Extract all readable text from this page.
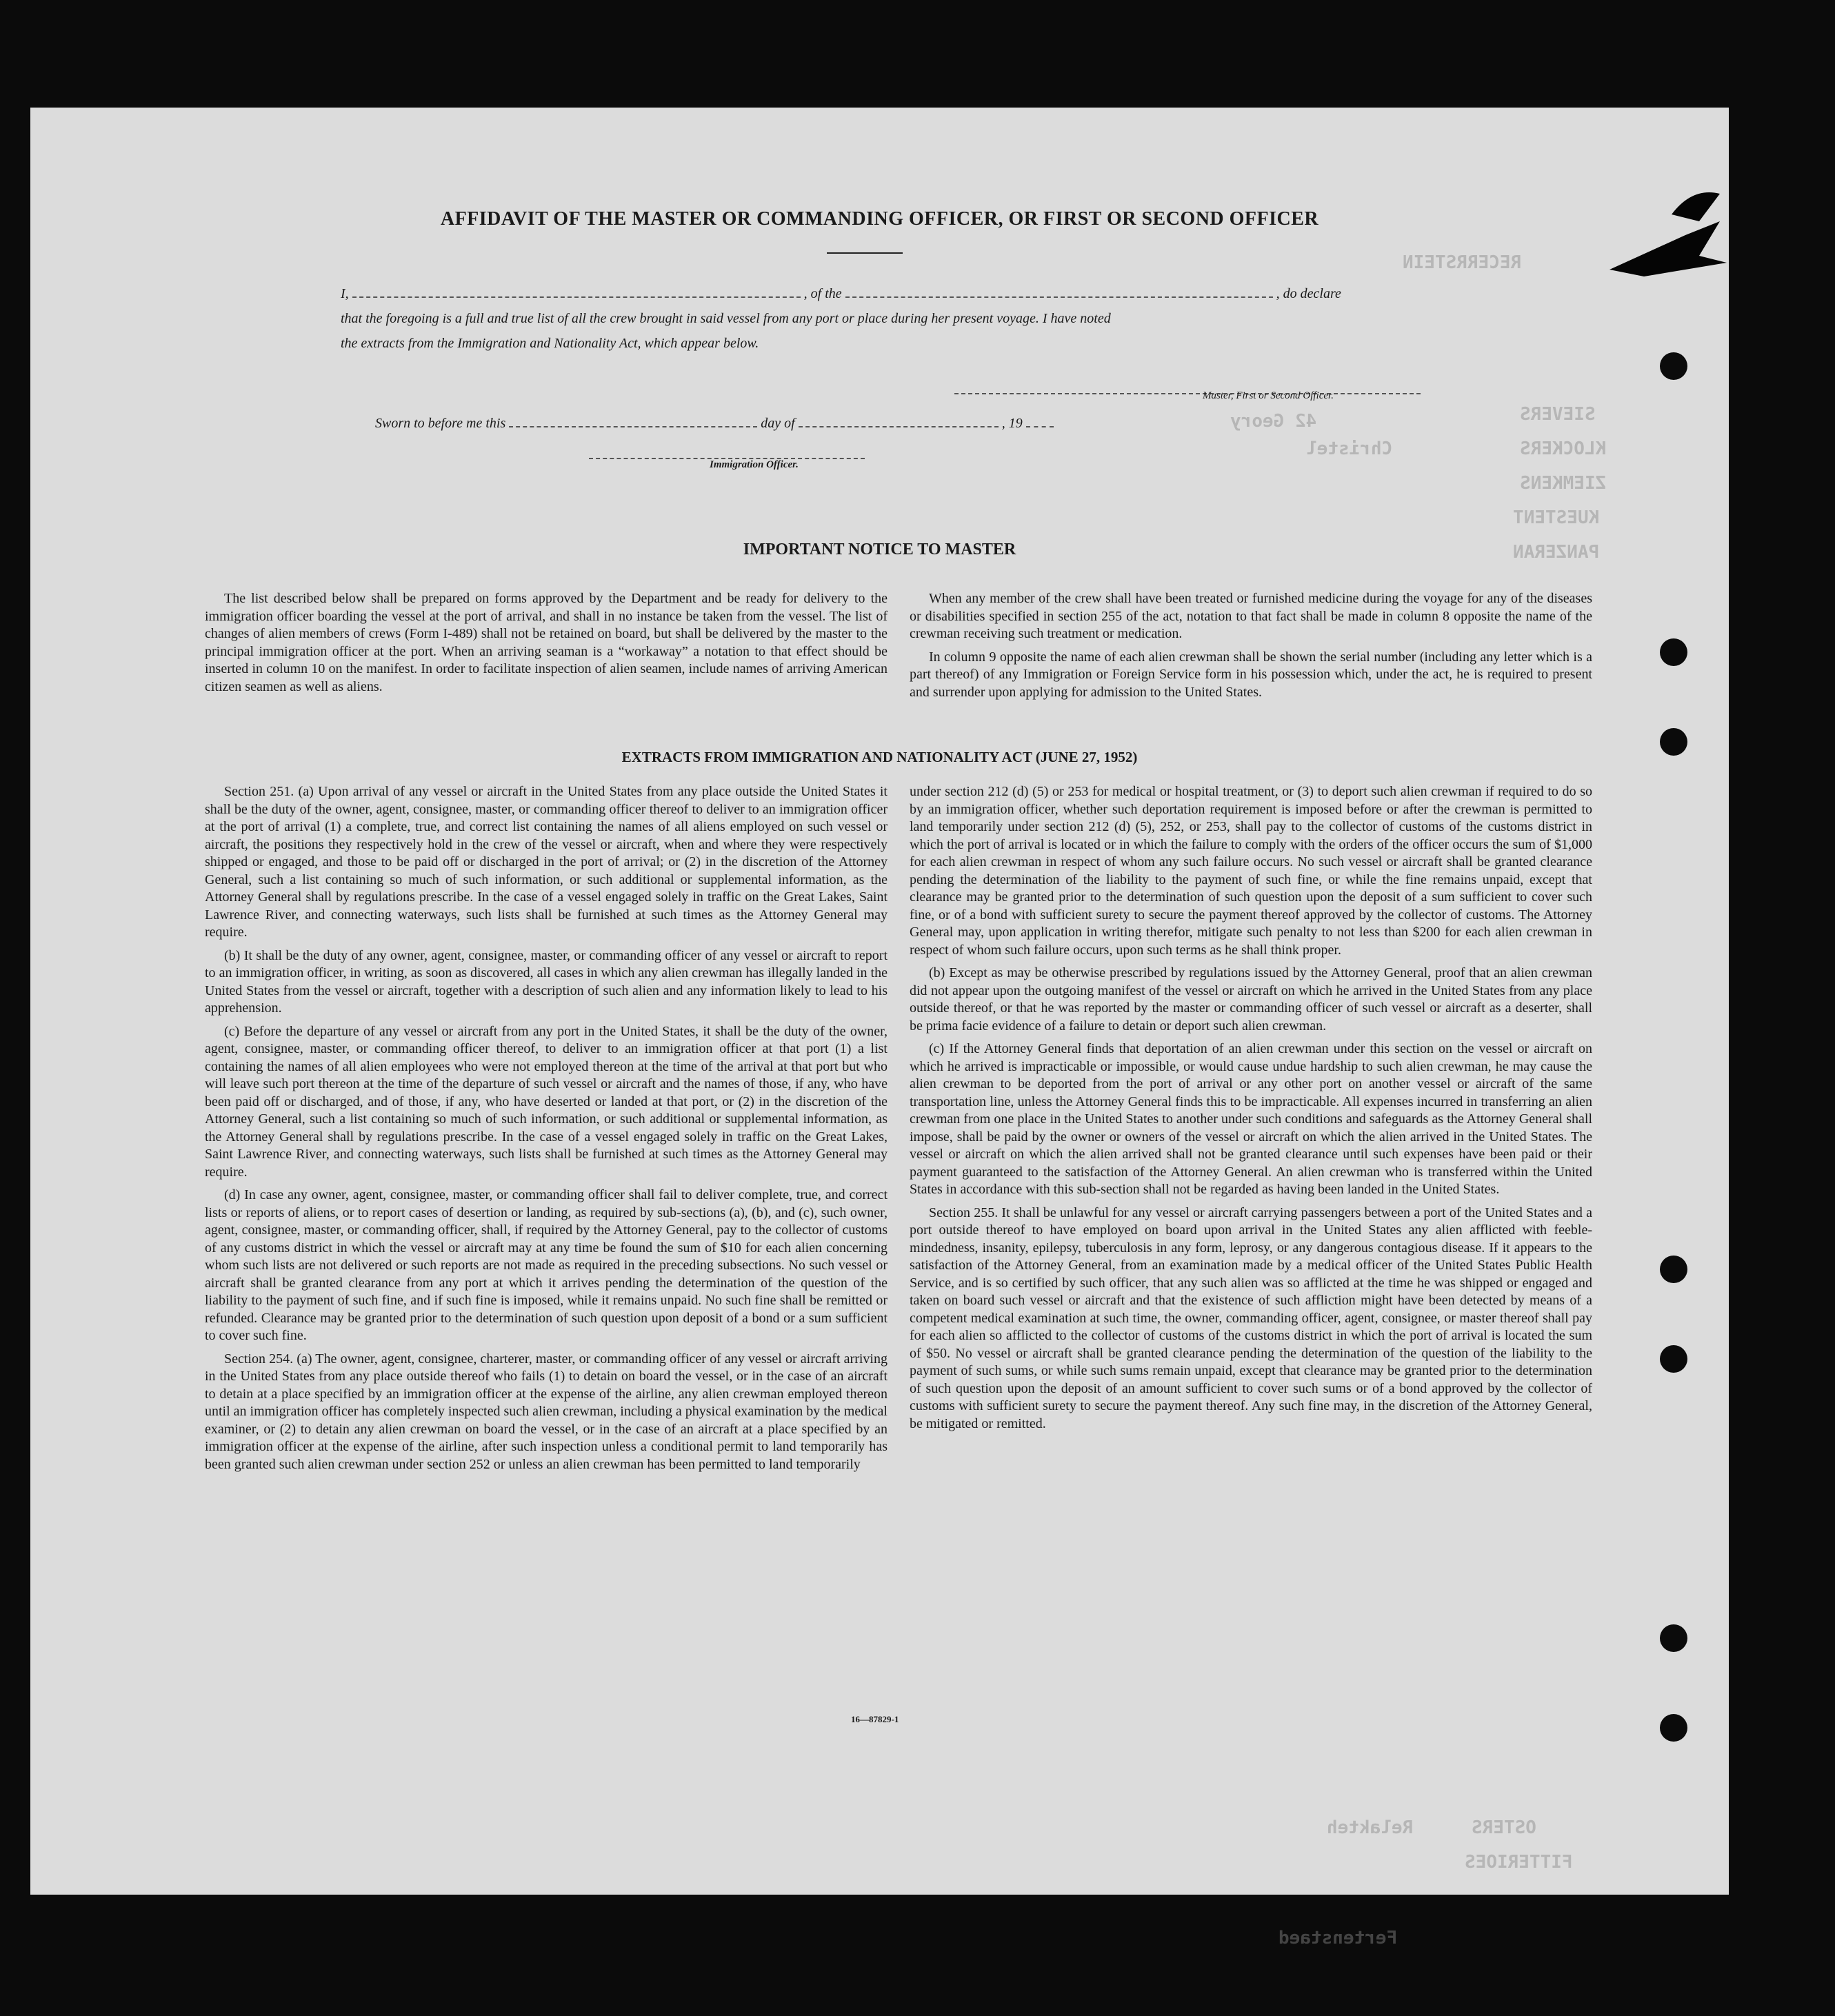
RECERRSTEIN
42 Geory
Christel
SIEVERS
KLOCKERS
ZIEMKENS
KUESTENT
PANZERAN
Relakteh	OSTERS
FITTERIOES
Fertenstaed
AFFIDAVIT OF THE MASTER OR COMMANDING OFFICER, OR FIRST OR SECOND OFFICER
I,	, of the	, do declare
that the foregoing is a full and true list of all the crew brought in said vessel from any port or place during her present voyage. I have noted
the extracts from the Immigration and Nationality Act, which appear below.
Master, First or Second Officer.
Sworn to before me this	day of	, 19
Immigration Officer.
IMPORTANT NOTICE TO MASTER

The list described below shall be prepared on forms approved by the Department and be ready for delivery to the immigration officer boarding the vessel at the port of arrival, and shall in no instance be taken from the vessel. The list of changes of alien members of crews (Form I-489) shall not be retained on board, but shall be delivered by the master to the principal immigration officer at the port. When an arriving seaman is a “workaway” a notation to that effect should be inserted in column 10 on the manifest. In order to facilitate inspection of alien seamen, include names of arriving American citizen seamen as well as aliens.

When any member of the crew shall have been treated or furnished medicine during the voyage for any of the diseases or disabilities specified in section 255 of the act, notation to that fact shall be made in column 8 opposite the name of the crewman receiving such treatment or medication.

In column 9 opposite the name of each alien crewman shall be shown the serial number (including any letter which is a part thereof) of any Immigration or Foreign Service form in his possession which, under the act, he is required to present and surrender upon applying for admission to the United States.

EXTRACTS FROM IMMIGRATION AND NATIONALITY ACT (JUNE 27, 1952)

Section 251. (a) Upon arrival of any vessel or aircraft in the United States from any place outside the United States it shall be the duty of the owner, agent, consignee, master, or commanding officer thereof to deliver to an immigration officer at the port of arrival (1) a complete, true, and correct list containing the names of all aliens employed on such vessel or aircraft, the positions they respectively hold in the crew of the vessel or aircraft, when and where they were respectively shipped or engaged, and those to be paid off or discharged in the port of arrival; or (2) in the discretion of the Attorney General, such a list containing so much of such information, or such additional or supplemental information, as the Attorney General shall by regulations prescribe. In the case of a vessel engaged solely in traffic on the Great Lakes, Saint Lawrence River, and connecting waterways, such lists shall be furnished at such times as the Attorney General may require.

(b) It shall be the duty of any owner, agent, consignee, master, or commanding officer of any vessel or aircraft to report to an immigration officer, in writing, as soon as discovered, all cases in which any alien crewman has illegally landed in the United States from the vessel or aircraft, together with a description of such alien and any information likely to lead to his apprehension.

(c) Before the departure of any vessel or aircraft from any port in the United States, it shall be the duty of the owner, agent, consignee, master, or commanding officer thereof, to deliver to an immigration officer at that port (1) a list containing the names of all alien employees who were not employed thereon at the time of the arrival at that port but who will leave such port thereon at the time of the departure of such vessel or aircraft and the names of those, if any, who have been paid off or discharged, and of those, if any, who have deserted or landed at that port, or (2) in the discretion of the Attorney General, such a list containing so much of such information, or such additional or supplemental information, as the Attorney General shall by regulations prescribe. In the case of a vessel engaged solely in traffic on the Great Lakes, Saint Lawrence River, and connecting waterways, such lists shall be furnished at such times as the Attorney General may require.

(d) In case any owner, agent, consignee, master, or commanding officer shall fail to deliver complete, true, and correct lists or reports of aliens, or to report cases of desertion or landing, as required by sub-sections (a), (b), and (c), such owner, agent, consignee, master, or commanding officer, shall, if required by the Attorney General, pay to the collector of customs of any customs district in which the vessel or aircraft may at any time be found the sum of $10 for each alien concerning whom such lists are not delivered or such reports are not made as required in the preceding subsections. No such vessel or aircraft shall be granted clearance from any port at which it arrives pending the determination of the question of the liability to the payment of such fine, and if such fine is imposed, while it remains unpaid. No such fine shall be remitted or refunded. Clearance may be granted prior to the determination of such question upon deposit of a bond or a sum sufficient to cover such fine.

Section 254. (a) The owner, agent, consignee, charterer, master, or commanding officer of any vessel or aircraft arriving in the United States from any place outside thereof who fails (1) to detain on board the vessel, or in the case of an aircraft to detain at a place specified by an immigration officer at the expense of the airline, any alien crewman employed thereon until an immigration officer has completely inspected such alien crewman, including a physical examination by the medical examiner, or (2) to detain any alien crewman on board the vessel, or in the case of an aircraft at a place specified by an immigration officer at the expense of the airline, after such inspection unless a conditional permit to land temporarily has been granted such alien crewman under section 252 or unless an alien crewman has been permitted to land temporarily

under section 212 (d) (5) or 253 for medical or hospital treatment, or (3) to deport such alien crewman if required to do so by an immigration officer, whether such deportation requirement is imposed before or after the crewman is permitted to land temporarily under section 212 (d) (5), 252, or 253, shall pay to the collector of customs of the customs district in which the port of arrival is located or in which the failure to comply with the orders of the officer occurs the sum of $1,000 for each alien crewman in respect of whom any such failure occurs. No such vessel or aircraft shall be granted clearance pending the determination of the liability to the payment of such fine, or while the fine remains unpaid, except that clearance may be granted prior to the determination of such question upon the deposit of a sum sufficient to cover such fine, or of a bond with sufficient surety to secure the payment thereof approved by the collector of customs. The Attorney General may, upon application in writing therefor, mitigate such penalty to not less than $200 for each alien crewman in respect of whom such failure occurs, upon such terms as he shall think proper.

(b) Except as may be otherwise prescribed by regulations issued by the Attorney General, proof that an alien crewman did not appear upon the outgoing manifest of the vessel or aircraft on which he arrived in the United States from any place outside thereof, or that he was reported by the master or commanding officer of such vessel or aircraft as a deserter, shall be prima facie evidence of a failure to detain or deport such alien crewman.

(c) If the Attorney General finds that deportation of an alien crewman under this section on the vessel or aircraft on which he arrived is impracticable or impossible, or would cause undue hardship to such alien crewman, he may cause the alien crewman to be deported from the port of arrival or any other port on another vessel or aircraft of the same transportation line, unless the Attorney General finds this to be impracticable. All expenses incurred in transferring an alien crewman from one place in the United States to another under such conditions and safeguards as the Attorney General shall impose, shall be paid by the owner or owners of the vessel or aircraft on which the alien arrived in the United States. The vessel or aircraft on which the alien arrived shall not be granted clearance until such expenses have been paid or their payment guaranteed to the satisfaction of the Attorney General. An alien crewman who is transferred within the United States in accordance with this sub-section shall not be regarded as having been landed in the United States.

Section 255. It shall be unlawful for any vessel or aircraft carrying passengers between a port of the United States and a port outside thereof to have employed on board upon arrival in the United States any alien afflicted with feeble-mindedness, insanity, epilepsy, tuberculosis in any form, leprosy, or any dangerous contagious disease. If it appears to the satisfaction of the Attorney General, from an examination made by a medical officer of the United States Public Health Service, and is so certified by such officer, that any such alien was so afflicted at the time he was shipped or engaged and taken on board such vessel or aircraft and that the existence of such affliction might have been detected by means of a competent medical examination at such time, the owner, commanding officer, agent, consignee, or master thereof shall pay for each alien so afflicted to the collector of customs of the customs district in which the port of arrival is located the sum of $50. No vessel or aircraft shall be granted clearance pending the determination of the question of the liability to the payment of such sums, or while such sums remain unpaid, except that clearance may be granted prior to the determination of such question upon the deposit of an amount sufficient to cover such sums or of a bond approved by the collector of customs with sufficient surety to secure the payment thereof. Any such fine may, in the discretion of the Attorney General, be mitigated or remitted.

16—87829-1
